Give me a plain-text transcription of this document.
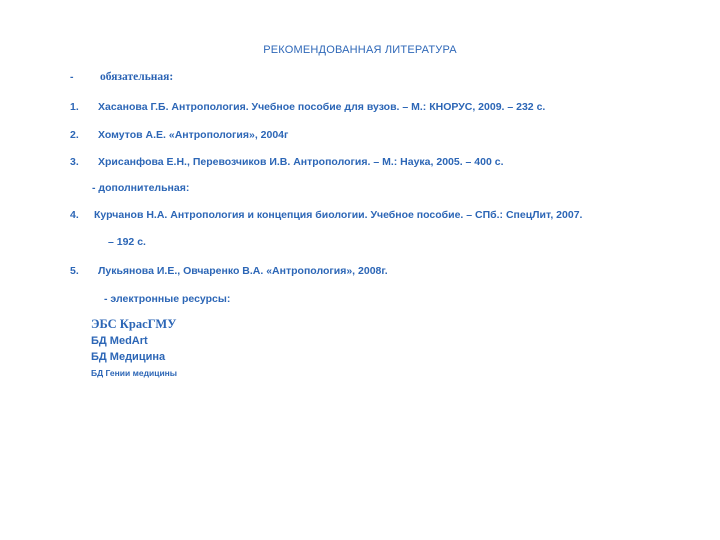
РЕКОМЕНДОВАННАЯ ЛИТЕРАТУРА
- обязательная:
1. Хасанова Г.Б. Антропология. Учебное пособие для вузов. – М.: КНОРУС, 2009. – 232 с.
2. Хомутов А.Е. «Антропология», 2004г
3. Хрисанфова Е.Н., Перевозчиков И.В. Антропология. – М.: Наука, 2005. – 400 с.
- дополнительная:
4. Курчанов Н.А. Антропология и концепция биологии. Учебное пособие. – СПб.: СпецЛит, 2007.
– 192 с.
5. Лукьянова И.Е., Овчаренко В.А. «Антропология», 2008г.
- электронные ресурсы:
ЭБС КрасГМУ
БД MedArt
БД Медицина
БД Гении медицины
